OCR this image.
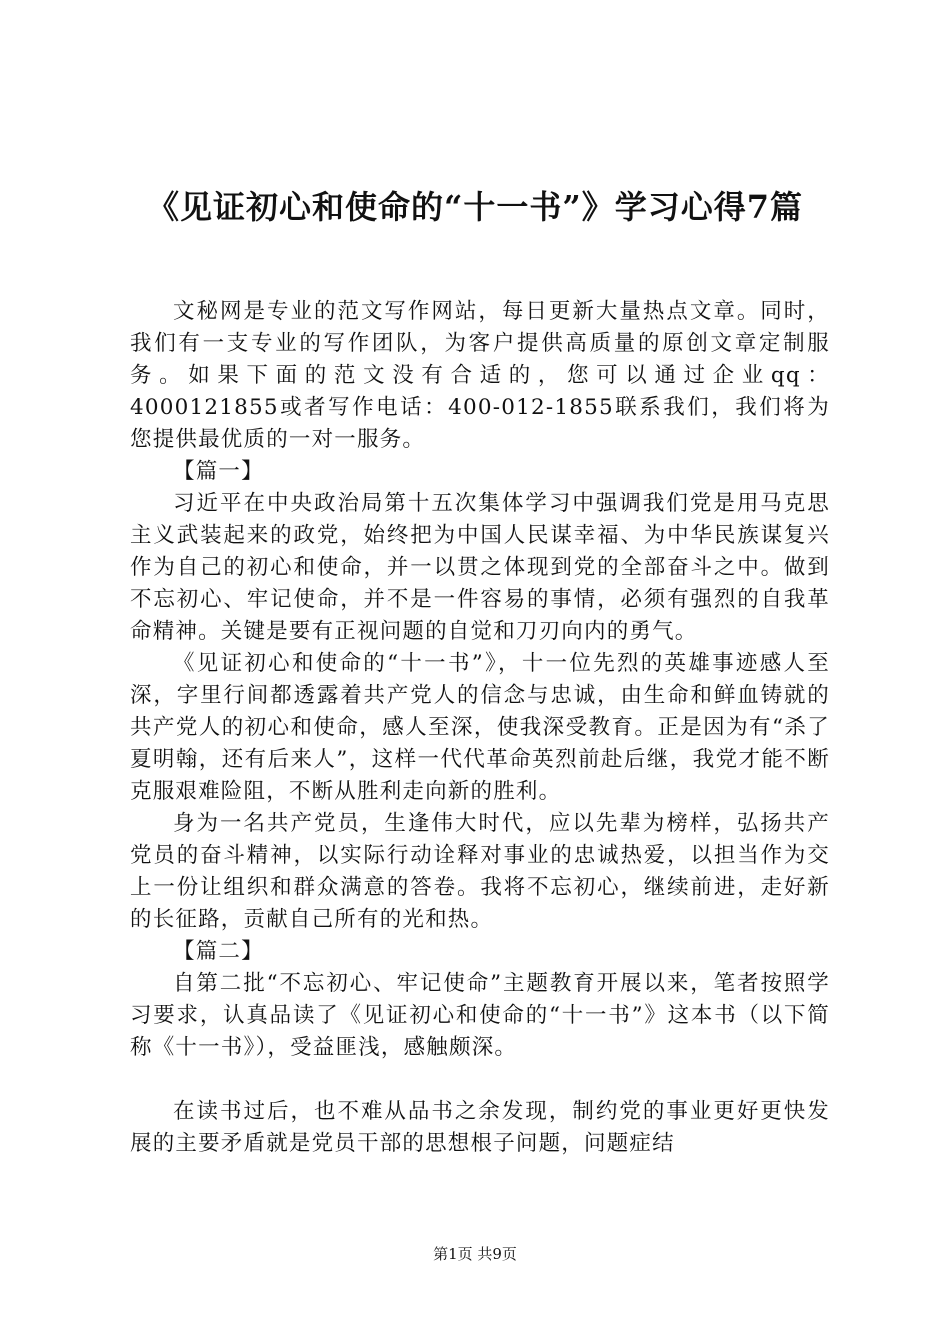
《见证初心和使命的“十一书”》学习心得7篇

文秘网是专业的范文写作网站，每日更新大量热点文章。同时，我们有一支专业的写作团队，为客户提供高质量的原创文章定制服务。如果下面的范文没有合适的，您可以通过企业qq：4000121855或者写作电话：400-012-1855联系我们，我们将为您提供最优质的一对一服务。

【篇一】

习近平在中央政治局第十五次集体学习中强调我们党是用马克思主义武装起来的政党，始终把为中国人民谋幸福、为中华民族谋复兴作为自己的初心和使命，并一以贯之体现到党的全部奋斗之中。做到不忘初心、牢记使命，并不是一件容易的事情，必须有强烈的自我革命精神。关键是要有正视问题的自觉和刀刃向内的勇气。

《见证初心和使命的“十一书”》，十一位先烈的英雄事迹感人至深，字里行间都透露着共产党人的信念与忠诚，由生命和鲜血铸就的共产党人的初心和使命，感人至深，使我深受教育。正是因为有“杀了夏明翰，还有后来人”，这样一代代革命英烈前赴后继，我党才能不断克服艰难险阻，不断从胜利走向新的胜利。

身为一名共产党员，生逢伟大时代，应以先辈为榜样，弘扬共产党员的奋斗精神，以实际行动诠释对事业的忠诚热爱，以担当作为交上一份让组织和群众满意的答卷。我将不忘初心，继续前进，走好新的长征路，贡献自己所有的光和热。

【篇二】

自第二批“不忘初心、牢记使命”主题教育开展以来，笔者按照学习要求，认真品读了《见证初心和使命的“十一书”》这本书（以下简称《十一书》），受益匪浅，感触颇深。

在读书过后，也不难从品书之余发现，制约党的事业更好更快发展的主要矛盾就是党员干部的思想根子问题，问题症结

第1页 共9页
